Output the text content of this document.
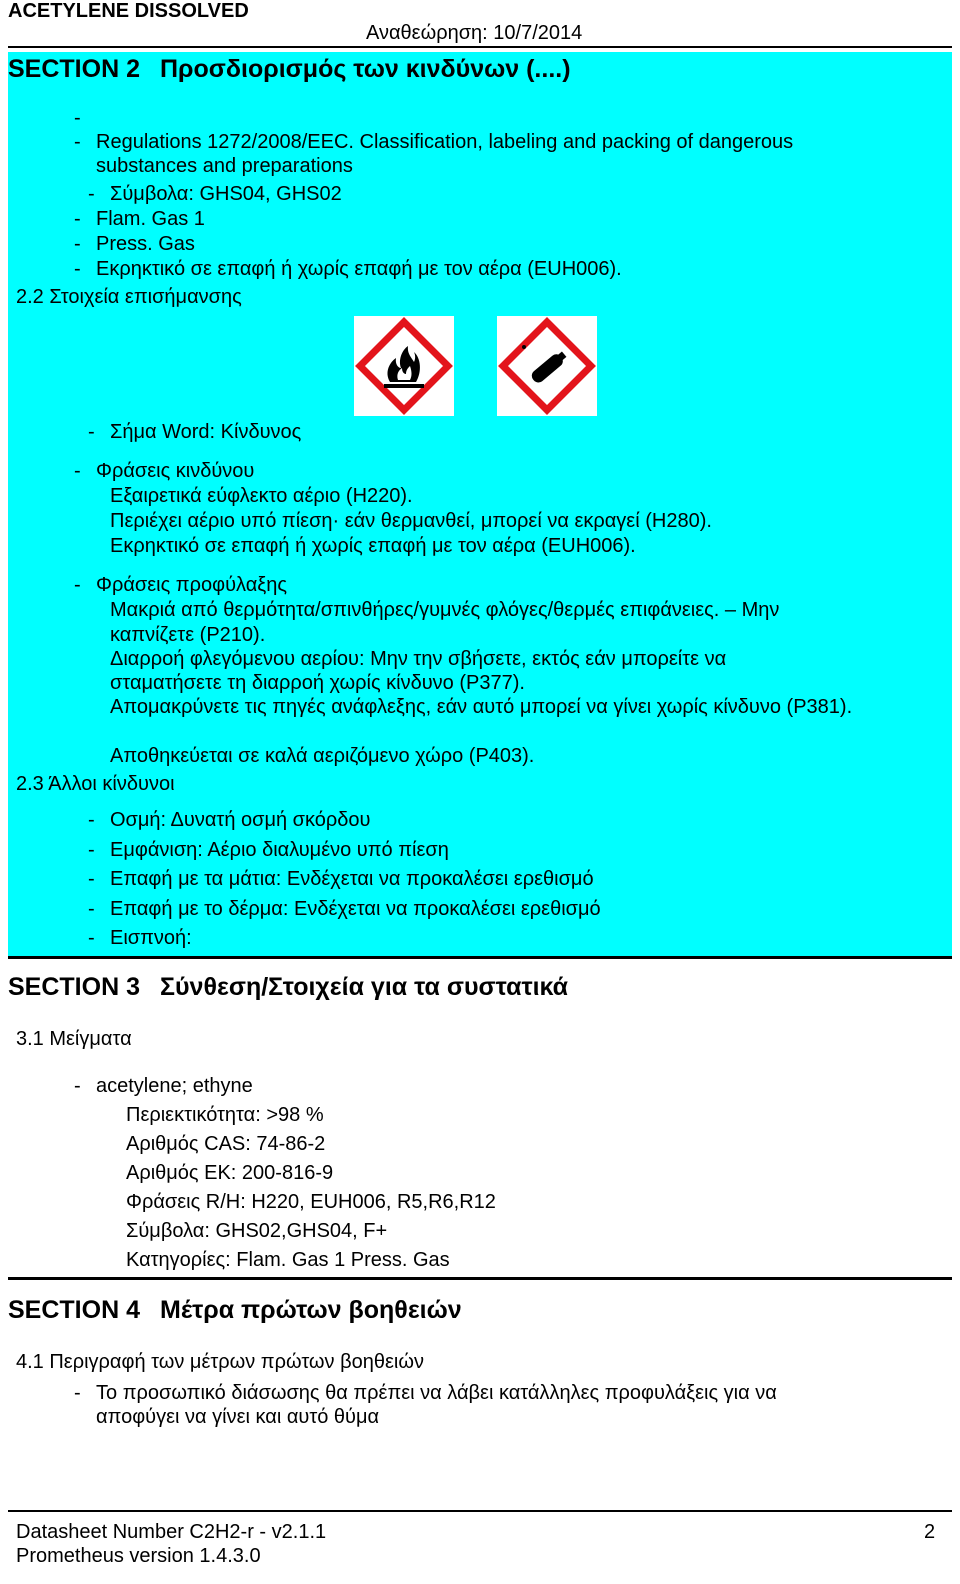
ACETYLENE DISSOLVED
Αναθεώρηση: 10/7/2014
SECTION 2 Προσδιορισμός των κινδύνων (....)
-
- Regulations 1272/2008/EEC. Classification, labeling and packing of dangerous
substances and preparations
- Σύμβολα: GHS04, GHS02
- Flam. Gas 1
- Press. Gas
- Εκρηκτικό σε επαφή ή χωρίς επαφή με τον αέρα (EUH006).
2.2 Στοιχεία επισήμανσης
- Σήμα Word: Κίνδυνος
- Φράσεις κινδύνου
Εξαιρετικά εύφλεκτο αέριο (H220).
Περιέχει αέριο υπό πίεση· εάν θερμανθεί, μπορεί να εκραγεί (H280).
Εκρηκτικό σε επαφή ή χωρίς επαφή με τον αέρα (EUH006).
- Φράσεις προφύλαξης
Μακριά από θερμότητα/σπινθήρες/γυμνές φλόγες/θερμές επιφάνειες. – Μην
καπνίζετε (P210).
Διαρροή φλεγόμενου αερίου: Μην την σβήσετε, εκτός εάν μπορείτε να
σταματήσετε τη διαρροή χωρίς κίνδυνο (P377).
Απομακρύνετε τις πηγές ανάφλεξης, εάν αυτό μπορεί να γίνει χωρίς κίνδυνο (P381).
Αποθηκεύεται σε καλά αεριζόμενο χώρο (P403).
2.3 Άλλοι κίνδυνοι
- Οσμή: Δυνατή οσμή σκόρδου
- Εμφάνιση: Αέριο διαλυμένο υπό πίεση
- Επαφή με τα μάτια: Ενδέχεται να προκαλέσει ερεθισμό
- Επαφή με το δέρμα: Ενδέχεται να προκαλέσει ερεθισμό
- Εισπνοή:
SECTION 3 Σύνθεση/Στοιχεία για τα συστατικά
3.1 Μείγματα
- acetylene; ethyne
Περιεκτικότητα: >98 %
Αριθμός CAS: 74-86-2
Αριθμός ΕΚ: 200-816-9
Φράσεις R/H: H220, EUH006, R5,R6,R12
Σύμβολα: GHS02,GHS04, F+
Κατηγορίες: Flam. Gas 1 Press. Gas
SECTION 4 Μέτρα πρώτων βοηθειών
4.1 Περιγραφή των μέτρων πρώτων βοηθειών
- Το προσωπικό διάσωσης θα πρέπει να λάβει κατάλληλες προφυλάξεις για να
αποφύγει να γίνει και αυτό θύμα
Datasheet Number C2H2-r - v2.1.1
Prometheus version 1.4.3.0
2
